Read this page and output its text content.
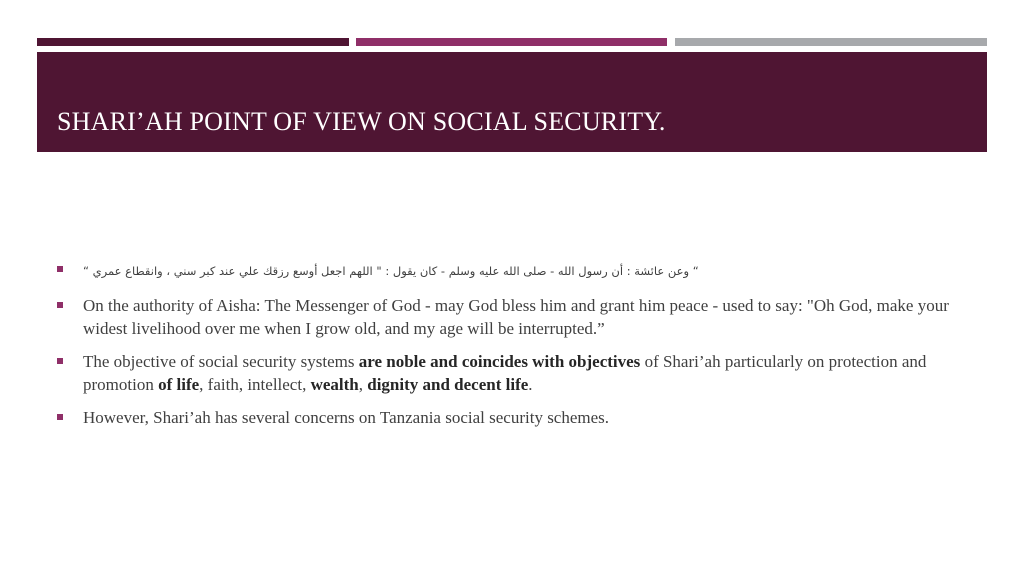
SHARI’AH POINT OF VIEW ON SOCIAL SECURITY.
“ وعن عائشة : أن رسول الله - صلى الله عليه وسلم - كان يقول : " اللهم اجعل أوسع رزقك علي عند كبر سني ، وانقطاع عمري “
On the authority of Aisha: The Messenger of God - may God bless him and grant him peace - used to say: "Oh God, make your widest livelihood over me when I grow old, and my age will be interrupted.”
The objective of social security systems are noble and coincides with objectives of Shari’ah particularly on protection and promotion of life, faith, intellect, wealth, dignity and decent life.
However, Shari’ah has several concerns on Tanzania social security schemes.
